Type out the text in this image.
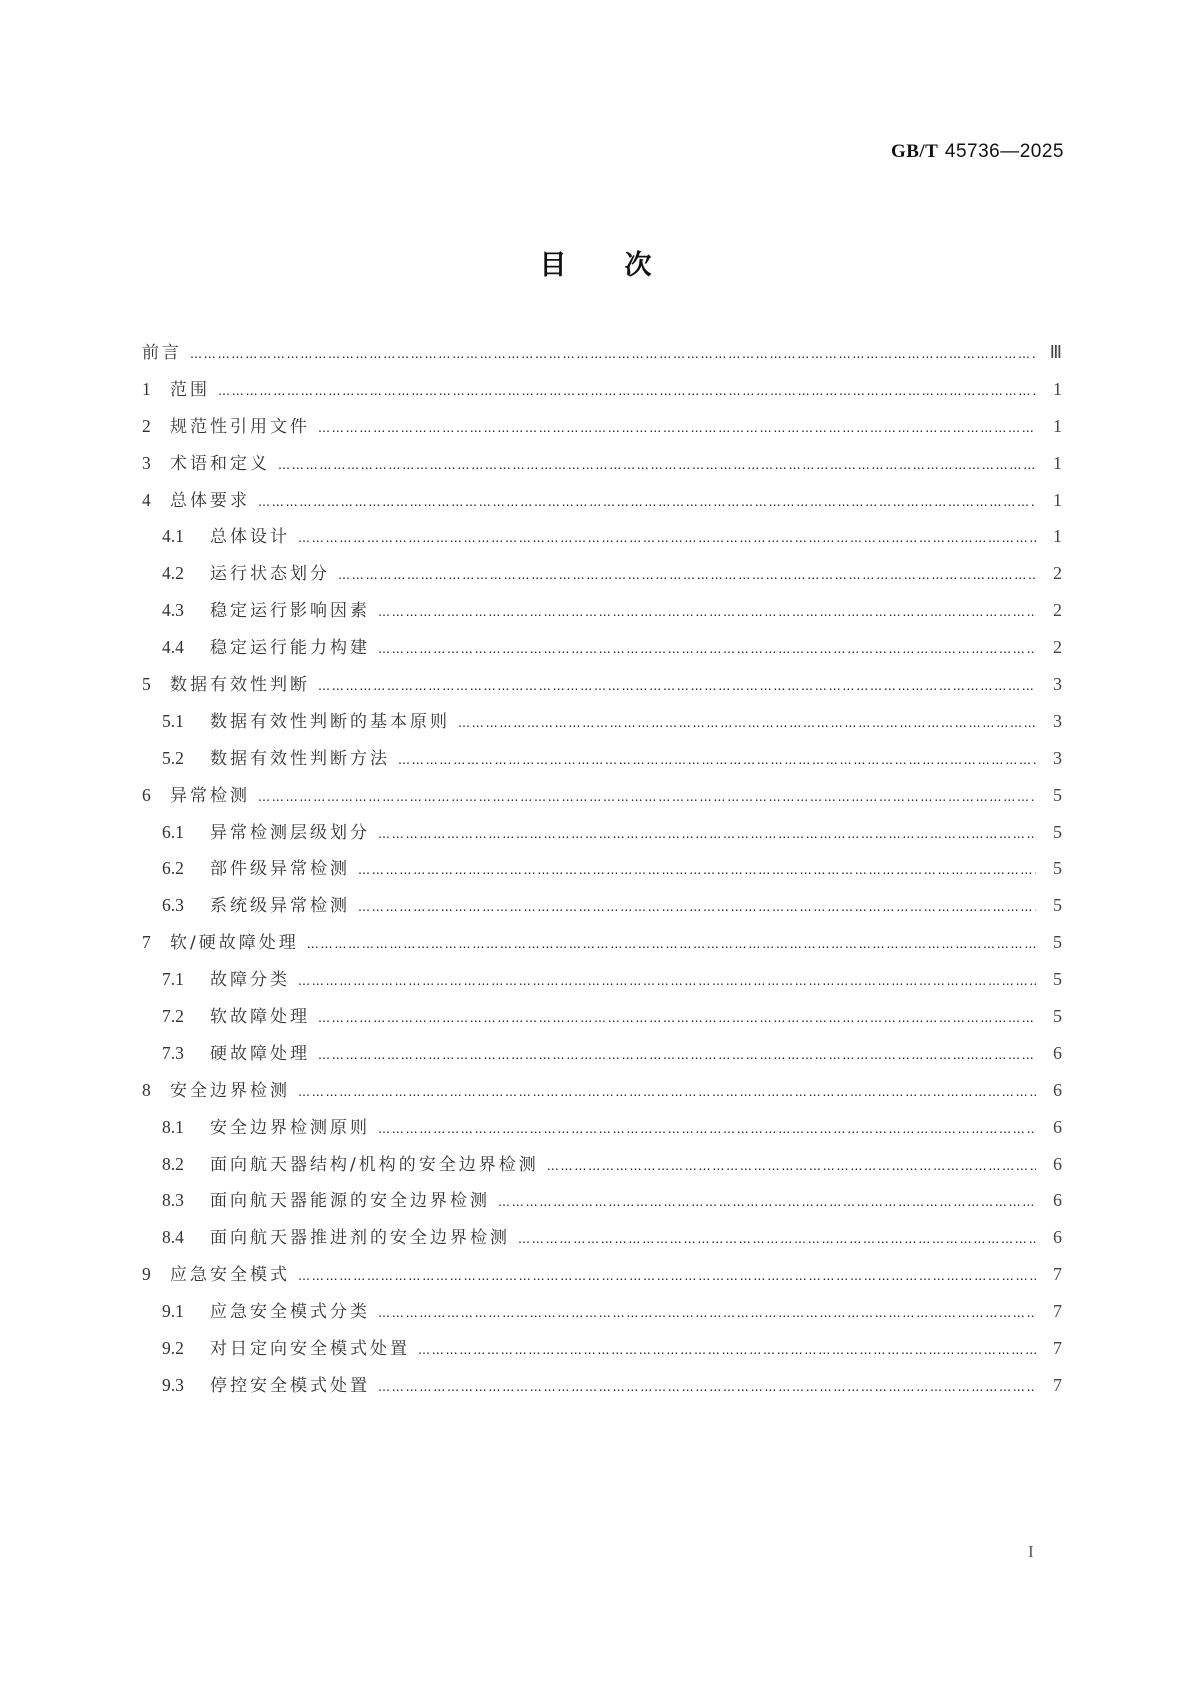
GB/T 45736—2025
目次
前言 …………………………………………………………………………………………………………………………………………………………………………………………………………	Ⅲ
1	范围 …………………………………………………………………………………………………………………………………………………………………………………………………………	1
2	规范性引用文件 …………………………………………………………………………………………………………………………………………………………………………………………………………	1
3	术语和定义 …………………………………………………………………………………………………………………………………………………………………………………………………………	1
4	总体要求 …………………………………………………………………………………………………………………………………………………………………………………………………………	1
4.1	总体设计 …………………………………………………………………………………………………………………………………………………………………………………………………………	1
4.2	运行状态划分 …………………………………………………………………………………………………………………………………………………………………………………………………………	2
4.3	稳定运行影响因素 …………………………………………………………………………………………………………………………………………………………………………………………………………	2
4.4	稳定运行能力构建 …………………………………………………………………………………………………………………………………………………………………………………………………………	2
5	数据有效性判断 …………………………………………………………………………………………………………………………………………………………………………………………………………	3
5.1	数据有效性判断的基本原则 …………………………………………………………………………………………………………………………………………………………………………………………………………	3
5.2	数据有效性判断方法 …………………………………………………………………………………………………………………………………………………………………………………………………………	3
6	异常检测 …………………………………………………………………………………………………………………………………………………………………………………………………………	5
6.1	异常检测层级划分 …………………………………………………………………………………………………………………………………………………………………………………………………………	5
6.2	部件级异常检测 …………………………………………………………………………………………………………………………………………………………………………………………………………	5
6.3	系统级异常检测 …………………………………………………………………………………………………………………………………………………………………………………………………………	5
7	软/硬故障处理 …………………………………………………………………………………………………………………………………………………………………………………………………………	5
7.1	故障分类 …………………………………………………………………………………………………………………………………………………………………………………………………………	5
7.2	软故障处理 …………………………………………………………………………………………………………………………………………………………………………………………………………	5
7.3	硬故障处理 …………………………………………………………………………………………………………………………………………………………………………………………………………	6
8	安全边界检测 …………………………………………………………………………………………………………………………………………………………………………………………………………	6
8.1	安全边界检测原则 …………………………………………………………………………………………………………………………………………………………………………………………………………	6
8.2	面向航天器结构/机构的安全边界检测 …………………………………………………………………………………………………………………………………………………………………………………………………………	6
8.3	面向航天器能源的安全边界检测 …………………………………………………………………………………………………………………………………………………………………………………………………………	6
8.4	面向航天器推进剂的安全边界检测 …………………………………………………………………………………………………………………………………………………………………………………………………………	6
9	应急安全模式 …………………………………………………………………………………………………………………………………………………………………………………………………………	7
9.1	应急安全模式分类 …………………………………………………………………………………………………………………………………………………………………………………………………………	7
9.2	对日定向安全模式处置 …………………………………………………………………………………………………………………………………………………………………………………………………………	7
9.3	停控安全模式处置 …………………………………………………………………………………………………………………………………………………………………………………………………………	7
I
